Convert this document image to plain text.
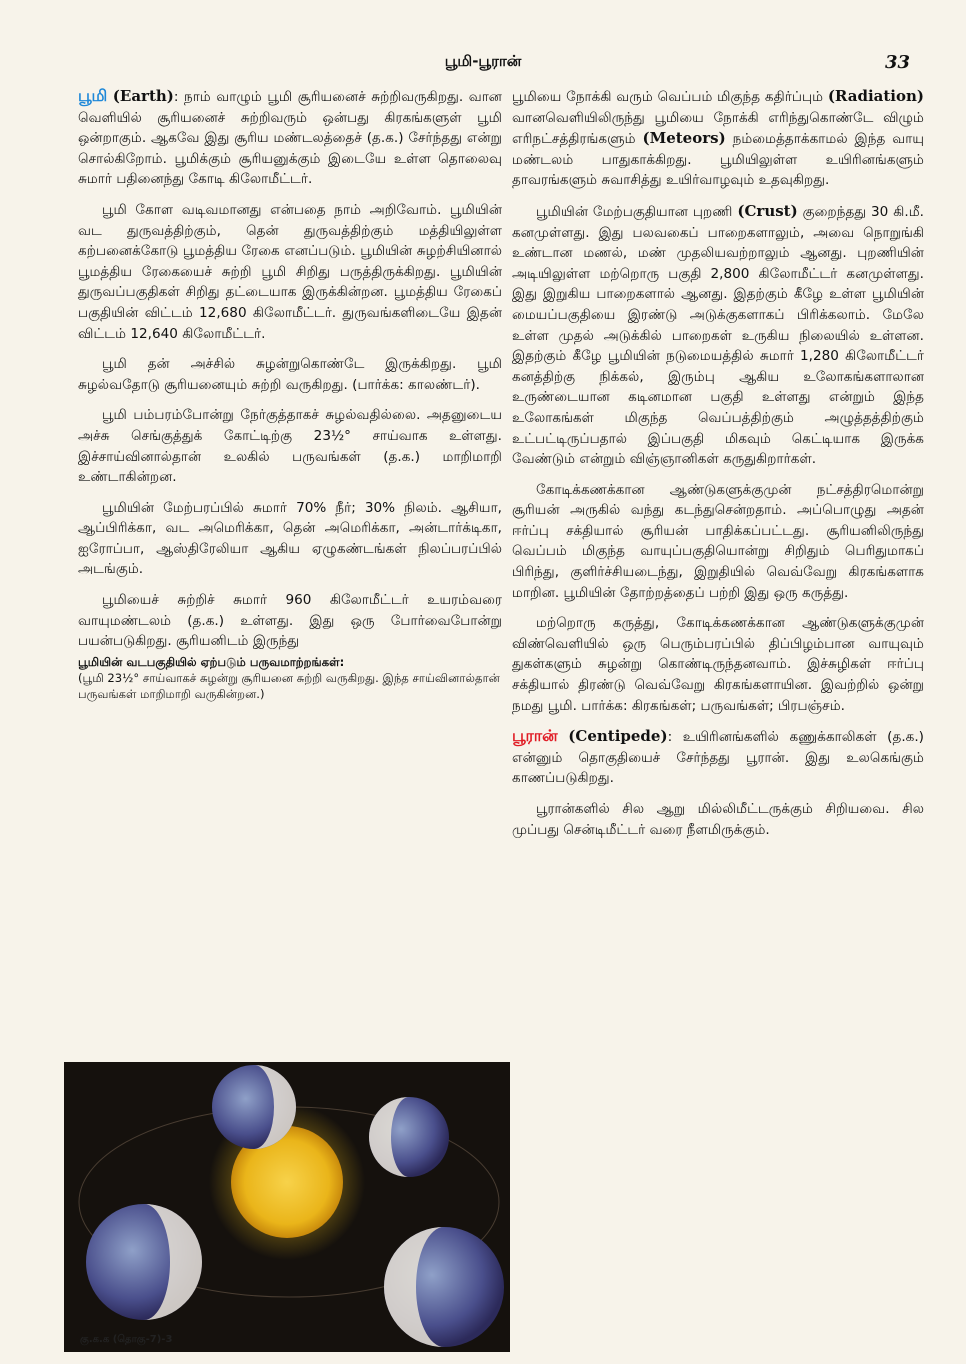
பூமி-பூரான்	33

பூமி (Earth): நாம் வாழும் பூமி சூரியனைச் சுற்றிவருகிறது. வான வெளியில் சூரியனைச் சுற்றிவரும் ஒன்பது கிரகங்களுள் பூமி ஒன்றாகும். ஆகவே இது சூரிய மண்டலத்தைச் (த.க.) சேர்ந்தது என்று சொல்கிறோம். பூமிக்கும் சூரியனுக்கும் இடையே உள்ள தொலைவு சுமார் பதினைந்து கோடி கிலோமீட்டர்.

பூமி கோள வடிவமானது என்பதை நாம் அறிவோம். பூமியின் வட துருவத்திற்கும், தென் துருவத்திற்கும் மத்தியிலுள்ள கற்பனைக்கோடு பூமத்திய ரேகை எனப்படும். பூமியின் சுழற்சியினால் பூமத்திய ரேகையைச் சுற்றி பூமி சிறிது பருத்திருக்கிறது. பூமியின் துருவப்பகுதிகள் சிறிது தட்டையாக இருக்கின்றன. பூமத்திய ரேகைப் பகுதியின் விட்டம் 12,680 கிலோமீட்டர். துருவங்களிடையே இதன் விட்டம் 12,640 கிலோமீட்டர்.

பூமி தன் அச்சில் சுழன்றுகொண்டே இருக்கிறது. பூமி சுழல்வதோடு சூரியனையும் சுற்றி வருகிறது. (பார்க்க: காலண்டர்).

பூமி பம்பரம்போன்று நேர்குத்தாகச் சுழல்வதில்லை. அதனுடைய அச்சு செங்குத்துக் கோட்டிற்கு 23½° சாய்வாக உள்ளது. இச்சாய்வினால்தான் உலகில் பருவங்கள் (த.க.) மாறிமாறி உண்டாகின்றன.

பூமியின் மேற்பரப்பில் சுமார் 70% நீர்; 30% நிலம். ஆசியா, ஆப்பிரிக்கா, வட அமெரிக்கா, தென் அமெரிக்கா, அன்டார்க்டிகா, ஐரோப்பா, ஆஸ்திரேலியா ஆகிய ஏழுகண்டங்கள் நிலப்பரப்பில் அடங்கும்.

பூமியைச் சுற்றிச் சுமார் 960 கிலோமீட்டர் உயரம்வரை வாயுமண்டலம் (த.க.) உள்ளது. இது ஒரு போர்வைபோன்று பயன்படுகிறது. சூரியனிடம் இருந்து

பூமியின் வடபகுதியில் ஏற்படும் பருவமாற்றங்கள்:
(பூமி 23½° சாய்வாகச் சுழன்று சூரியனை சுற்றி வருகிறது. இந்த சாய்வினால்தான் பருவங்கள் மாறிமாறி வருகின்றன.)

பூமியை நோக்கி வரும் வெப்பம் மிகுந்த கதிர்ப்பும் (Radiation) வானவெளியிலிருந்து பூமியை நோக்கி எரிந்துகொண்டே விழும் எரிநட்சத்திரங்களும் (Meteors) நம்மைத்தாக்காமல் இந்த வாயு மண்டலம் பாதுகாக்கிறது. பூமியிலுள்ள உயிரினங்களும் தாவரங்களும் சுவாசித்து உயிர்வாழவும் உதவுகிறது.

பூமியின் மேற்பகுதியான புறணி (Crust) குறைந்தது 30 கி.மீ. கனமுள்ளது. இது பலவகைப் பாறைகளாலும், அவை நொறுங்கி உண்டான மணல், மண் முதலியவற்றாலும் ஆனது. புறணியின் அடியிலுள்ள மற்றொரு பகுதி 2,800 கிலோமீட்டர் கனமுள்ளது. இது இறுகிய பாறைகளால் ஆனது. இதற்கும் கீழே உள்ள பூமியின் மையப்பகுதியை இரண்டு அடுக்குகளாகப் பிரிக்கலாம். மேலே உள்ள முதல் அடுக்கில் பாறைகள் உருகிய நிலையில் உள்ளன. இதற்கும் கீழே பூமியின் நடுமையத்தில் சுமார் 1,280 கிலோமீட்டர் கனத்திற்கு நிக்கல், இரும்பு ஆகிய உலோகங்களாலான உருண்டையான கடினமான பகுதி உள்ளது என்றும் இந்த உலோகங்கள் மிகுந்த வெப்பத்திற்கும் அழுத்தத்திற்கும் உட்பட்டிருப்பதால் இப்பகுதி மிகவும் கெட்டியாக இருக்க வேண்டும் என்றும் விஞ்ஞானிகள் கருதுகிறார்கள்.

கோடிக்கணக்கான ஆண்டுகளுக்குமுன் நட்சத்திரமொன்று சூரியன் அருகில் வந்து கடந்துசென்றதாம். அப்பொழுது அதன் ஈர்ப்பு சக்தியால் சூரியன் பாதிக்கப்பட்டது. சூரியனிலிருந்து வெப்பம் மிகுந்த வாயுப்பகுதியொன்று சிறிதும் பெரிதுமாகப் பிரிந்து, குளிர்ச்சியடைந்து, இறுதியில் வெவ்வேறு கிரகங்களாக மாறின. பூமியின் தோற்றத்தைப் பற்றி இது ஒரு கருத்து.

மற்றொரு கருத்து, கோடிக்கணக்கான ஆண்டுகளுக்குமுன் விண்வெளியில் ஒரு பெரும்பரப்பில் திப்பிழம்பான வாயுவும் துகள்களும் சுழன்று கொண்டிருந்தனவாம். இச்சுழிகள் ஈர்ப்பு சக்தியால் திரண்டு வெவ்வேறு கிரகங்களாயின. இவற்றில் ஒன்று நமது பூமி. பார்க்க: கிரகங்கள்; பருவங்கள்; பிரபஞ்சம்.

பூரான் (Centipede): உயிரினங்களில் கணுக்காலிகள் (த.க.) என்னும் தொகுதியைச் சேர்ந்தது பூரான். இது உலகெங்கும் காணப்படுகிறது.

பூரான்களில் சில ஆறு மில்லிமீட்டருக்கும் சிறியவை. சில முப்பது சென்டிமீட்டர் வரை நீளமிருக்கும்.

கு.க.க (தொகு-7)-3
